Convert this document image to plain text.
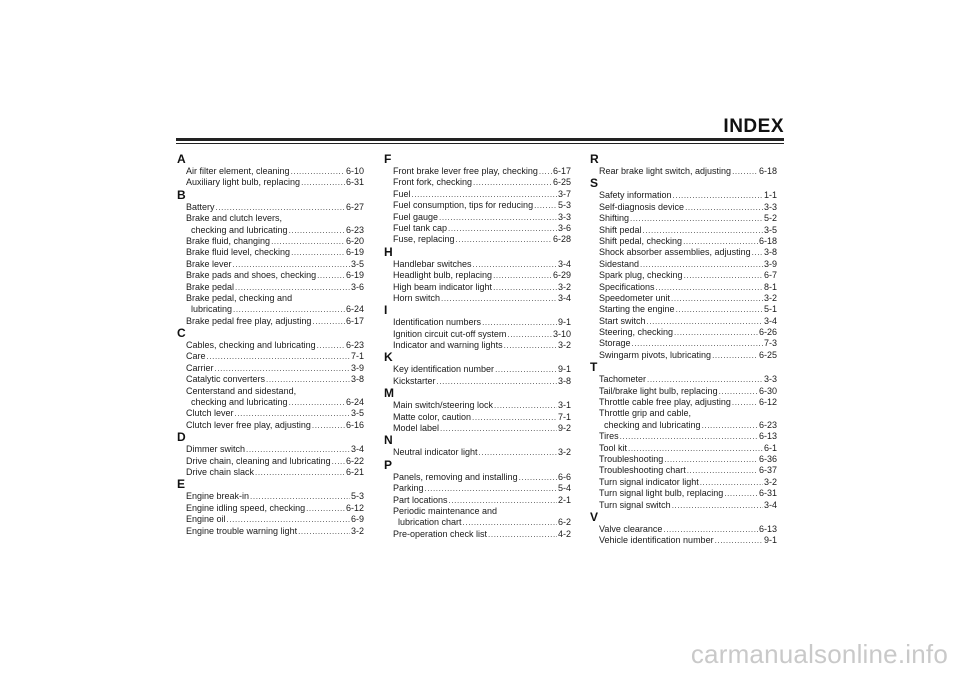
INDEX
A
Air filter element, cleaning .....	6-10
Auxiliary light bulb, replacing .....	6-31
B
Battery .....	6-27
Brake and clutch levers,
checking and lubricating .....	6-23
Brake fluid, changing .....	6-20
Brake fluid level, checking .....	6-19
Brake lever .....	3-5
Brake pads and shoes, checking .....	6-19
Brake pedal .....	3-6
Brake pedal, checking and
lubricating .....	6-24
Brake pedal free play, adjusting .....	6-17
C
Cables, checking and lubricating .....	6-23
Care .....	7-1
Carrier .....	3-9
Catalytic converters .....	3-8
Centerstand and sidestand,
checking and lubricating .....	6-24
Clutch lever .....	3-5
Clutch lever free play, adjusting .....	6-16
D
Dimmer switch .....	3-4
Drive chain, cleaning and lubricating ..... 6-22
Drive chain slack .....	6-21
E
Engine break-in .....	5-3
Engine idling speed, checking .....	6-12
Engine oil .....	6-9
Engine trouble warning light .....	3-2
F
Front brake lever free play, checking ..... 6-17
Front fork, checking .....	6-25
Fuel .....	3-7
Fuel consumption, tips for reducing .....	5-3
Fuel gauge .....	3-3
Fuel tank cap .....	3-6
Fuse, replacing .....	6-28
H
Handlebar switches .....	3-4
Headlight bulb, replacing .....	6-29
High beam indicator light .....	3-2
Horn switch .....	3-4
I
Identification numbers .....	9-1
Ignition circuit cut-off system .....	3-10
Indicator and warning lights .....	3-2
K
Key identification number .....	9-1
Kickstarter .....	3-8
M
Main switch/steering lock .....	3-1
Matte color, caution .....	7-1
Model label .....	9-2
N
Neutral indicator light .....	3-2
P
Panels, removing and installing .....	6-6
Parking .....	5-4
Part locations .....	2-1
Periodic maintenance and
lubrication chart .....	6-2
Pre-operation check list .....	4-2
R
Rear brake light switch, adjusting .....	6-18
S
Safety information .....	1-1
Self-diagnosis device .....	3-3
Shifting .....	5-2
Shift pedal .....	3-5
Shift pedal, checking .....	6-18
Shock absorber assemblies, adjusting ..... 3-8
Sidestand .....	3-9
Spark plug, checking .....	6-7
Specifications .....	8-1
Speedometer unit .....	3-2
Starting the engine .....	5-1
Start switch .....	3-4
Steering, checking .....	6-26
Storage .....	7-3
Swingarm pivots, lubricating .....	6-25
T
Tachometer .....	3-3
Tail/brake light bulb, replacing .....	6-30
Throttle cable free play, adjusting .....	6-12
Throttle grip and cable,
checking and lubricating .....	6-23
Tires .....	6-13
Tool kit .....	6-1
Troubleshooting .....	6-36
Troubleshooting chart .....	6-37
Turn signal indicator light .....	3-2
Turn signal light bulb, replacing .....	6-31
Turn signal switch .....	3-4
V
Valve clearance .....	6-13
Vehicle identification number .....	9-1
carmanualsonline.info
